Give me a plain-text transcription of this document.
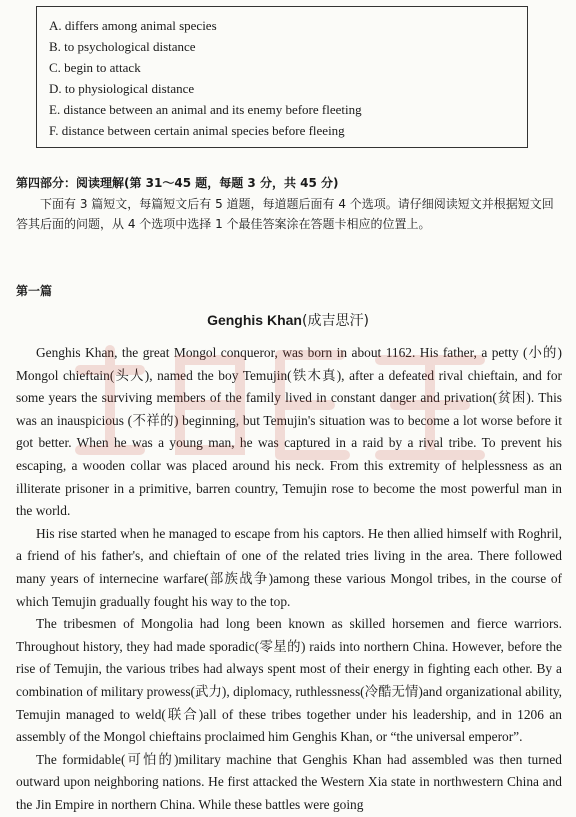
A. differs among animal species
B. to psychological distance
C. begin to attack
D. to physiological distance
E. distance between an animal and its enemy before fleeting
F. distance between certain animal species before fleeing
第四部分：阅读理解(第 31～45 题，每题 3 分，共 45 分)
下面有 3 篇短文，每篇短文后有 5 道题，每道题后面有 4 个选项。请仔细阅读短文并根据短文回答其后面的问题，从 4 个选项中选择 1 个最佳答案涂在答题卡相应的位置上。
第一篇
Genghis Khan(成吉思汗)

Genghis Khan, the great Mongol conqueror, was born in about 1162. His father, a petty (小的) Mongol chieftain(头人), named the boy Temujin(铁木真), after a defeated rival chieftain, and for some years the surviving members of the family lived in constant danger and privation(贫困). This was an inauspicious (不祥的) beginning, but Temujin's situation was to become a lot worse before it got better. When he was a young man, he was captured in a raid by a rival tribe. To prevent his escaping, a wooden collar was placed around his neck. From this extremity of helplessness as an illiterate prisoner in a primitive, barren country, Temujin rose to become the most powerful man in the world.

His rise started when he managed to escape from his captors. He then allied himself with Roghril, a friend of his father's, and chieftain of one of the related tries living in the area. There followed many years of internecine warfare(部族战争)among these various Mongol tribes, in the course of which Temujin gradually fought his way to the top.

The tribesmen of Mongolia had long been known as skilled horsemen and fierce warriors. Throughout history, they had made sporadic(零星的) raids into northern China. However, before the rise of Temujin, the various tribes had always spent most of their energy in fighting each other. By a combination of military prowess(武力), diplomacy, ruthlessness(冷酷无情)and organizational ability, Temujin managed to weld(联合)all of these tribes together under his leadership, and in 1206 an assembly of the Mongol chieftains proclaimed him Genghis Khan, or “the universal emperor”.

The formidable(可怕的)military machine that Genghis Khan had assembled was then turned outward upon neighboring nations. He first attacked the Western Xia state in northwestern China and the Jin Empire in northern China. While these battles were going
